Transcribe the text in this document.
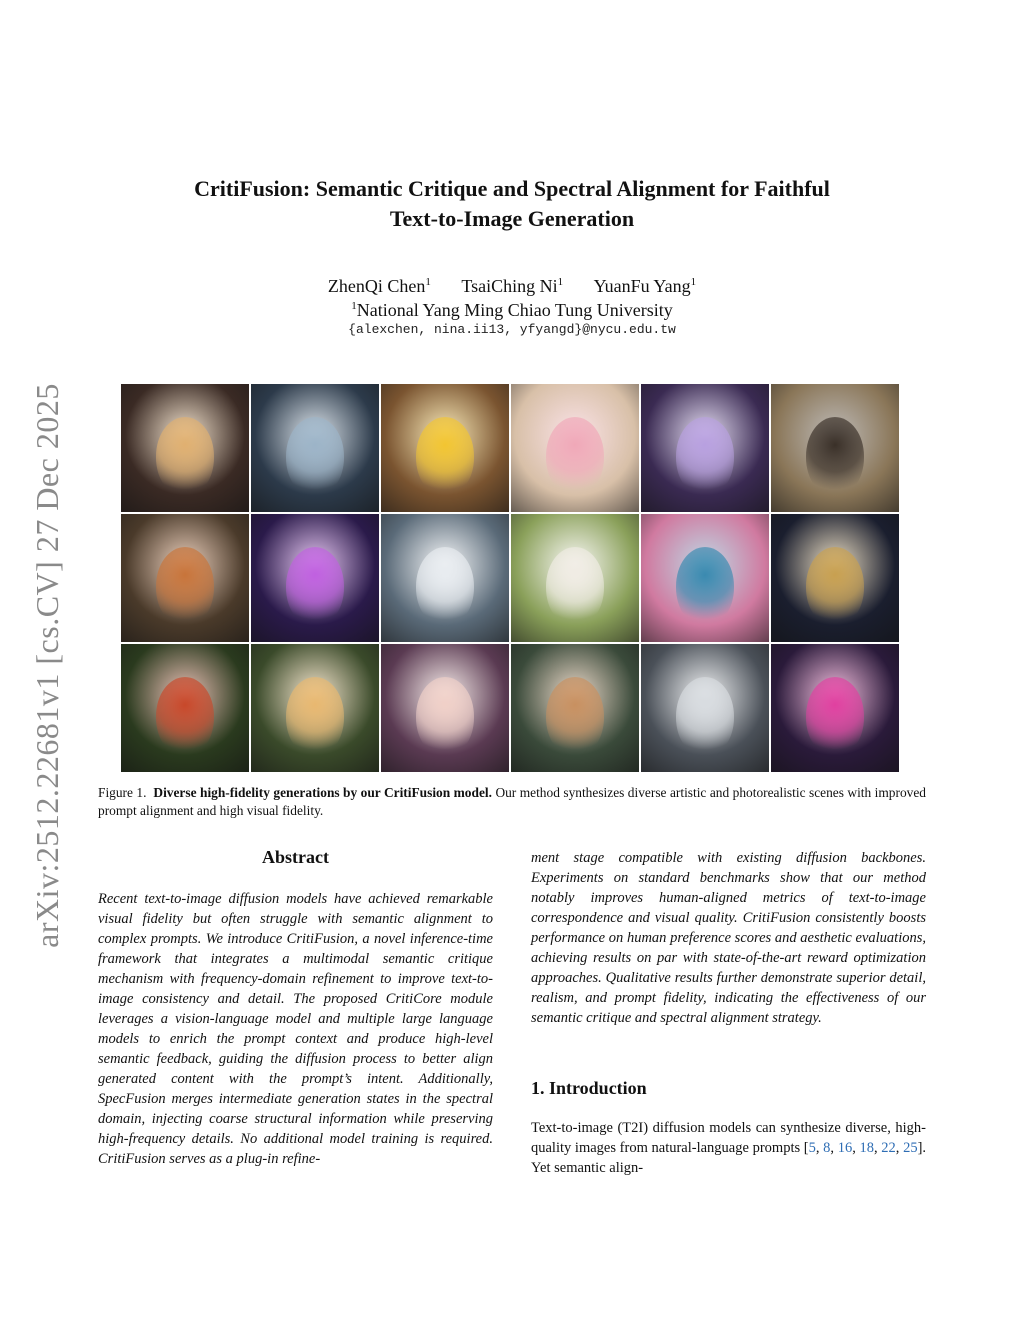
arXiv:2512.22681v1 [cs.CV] 27 Dec 2025
CritiFusion: Semantic Critique and Spectral Alignment for Faithful
Text-to-Image Generation
ZhenQi Chen$^1$ TsaiChing Ni$^1$ YuanFu Yang$^1$
$^1$National Yang Ming Chiao Tung University
{alexchen, nina.ii13, yfyangd}@nycu.edu.tw

Figure 1. Diverse high-fidelity generations by our CritiFusion model. Our method synthesizes diverse artistic and photorealistic scenes with improved prompt alignment and high visual fidelity.

Abstract

Recent text-to-image diffusion models have achieved remarkable visual fidelity but often struggle with semantic alignment to complex prompts. We introduce CritiFusion, a novel inference-time framework that integrates a multimodal semantic critique mechanism with frequency-domain refinement to improve text-to-image consistency and detail. The proposed CritiCore module leverages a vision-language model and multiple large language models to enrich the prompt context and produce high-level semantic feedback, guiding the diffusion process to better align generated content with the prompt’s intent. Additionally, SpecFusion merges intermediate generation states in the spectral domain, injecting coarse structural information while preserving high-frequency details. No additional model training is required. CritiFusion serves as a plug-in refine-

ment stage compatible with existing diffusion backbones. Experiments on standard benchmarks show that our method notably improves human-aligned metrics of text-to-image correspondence and visual quality. CritiFusion consistently boosts performance on human preference scores and aesthetic evaluations, achieving results on par with state-of-the-art reward optimization approaches. Qualitative results further demonstrate superior detail, realism, and prompt fidelity, indicating the effectiveness of our semantic critique and spectral alignment strategy.

1. Introduction

Text-to-image (T2I) diffusion models can synthesize diverse, high-quality images from natural-language prompts [5, 8, 16, 18, 22, 25]. Yet semantic align-
